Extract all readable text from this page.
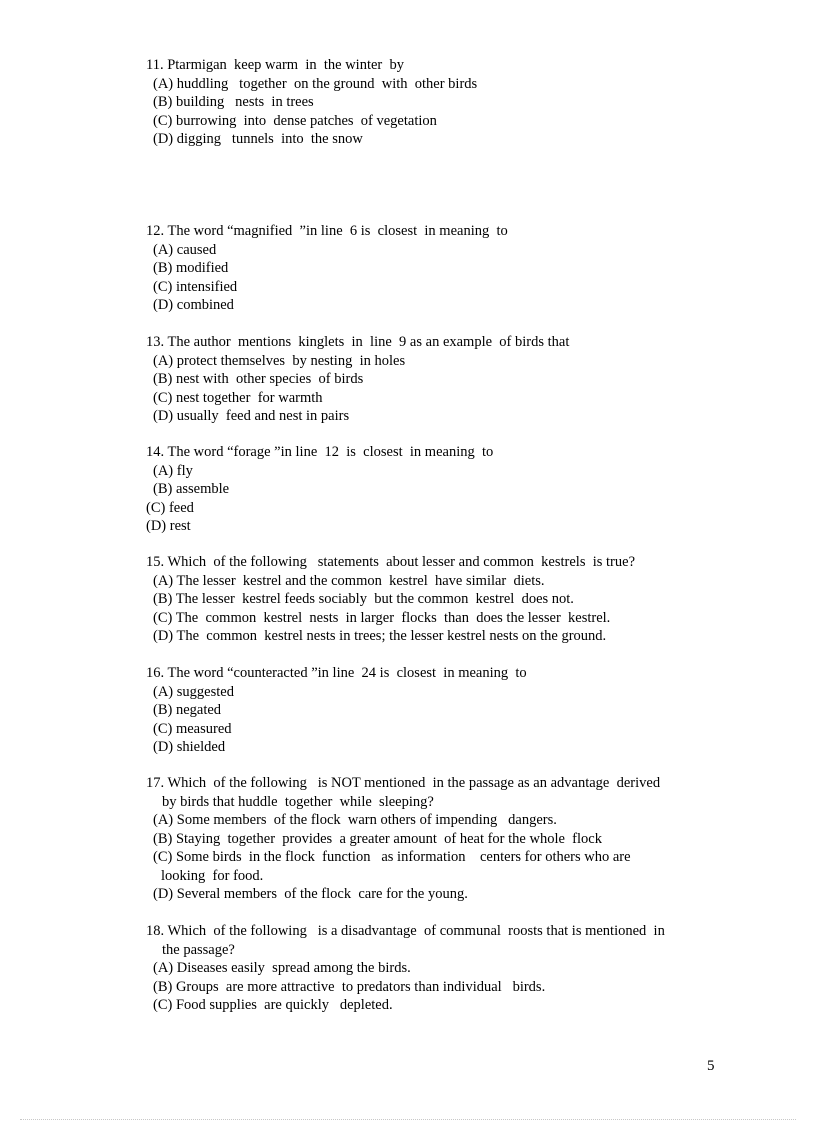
11. Ptarmigan  keep warm  in  the winter  by
(A) huddling   together  on the ground  with  other birds
(B) building   nests  in trees
(C) burrowing  into  dense patches  of vegetation
(D) digging   tunnels  into  the snow
12. The word “magnified  ”in line  6 is  closest  in meaning  to
(A) caused
(B) modified
(C) intensified
(D) combined
13. The author  mentions  kinglets  in  line  9 as an example  of birds that
(A) protect themselves  by nesting  in holes
(B) nest with  other species  of birds
(C) nest together  for warmth
(D) usually  feed and nest in pairs
14. The word “forage ”in line  12  is  closest  in meaning  to
(A) fly
(B) assemble
(C) feed
(D) rest
15. Which  of the following   statements  about lesser and common  kestrels  is true?
(A) The lesser  kestrel and the common  kestrel  have similar  diets.
(B) The lesser  kestrel feeds sociably  but the common  kestrel  does not.
(C) The  common  kestrel  nests  in larger  flocks  than  does the lesser  kestrel.
(D) The  common  kestrel nests in trees; the lesser kestrel nests on the ground.
16. The word “counteracted ”in line  24 is  closest  in meaning  to
(A) suggested
(B) negated
(C) measured
(D) shielded
17. Which  of the following   is NOT mentioned  in the passage as an advantage  derived
by birds that huddle  together  while  sleeping?
(A) Some members  of the flock  warn others of impending   dangers.
(B) Staying  together  provides  a greater amount  of heat for the whole  flock
(C) Some birds  in the flock  function   as information    centers for others who are
looking  for food.
(D) Several members  of the flock  care for the young.
18. Which  of the following   is a disadvantage  of communal  roosts that is mentioned  in
the passage?
(A) Diseases easily  spread among the birds.
(B) Groups  are more attractive  to predators than individual   birds.
(C) Food supplies  are quickly   depleted.
5
